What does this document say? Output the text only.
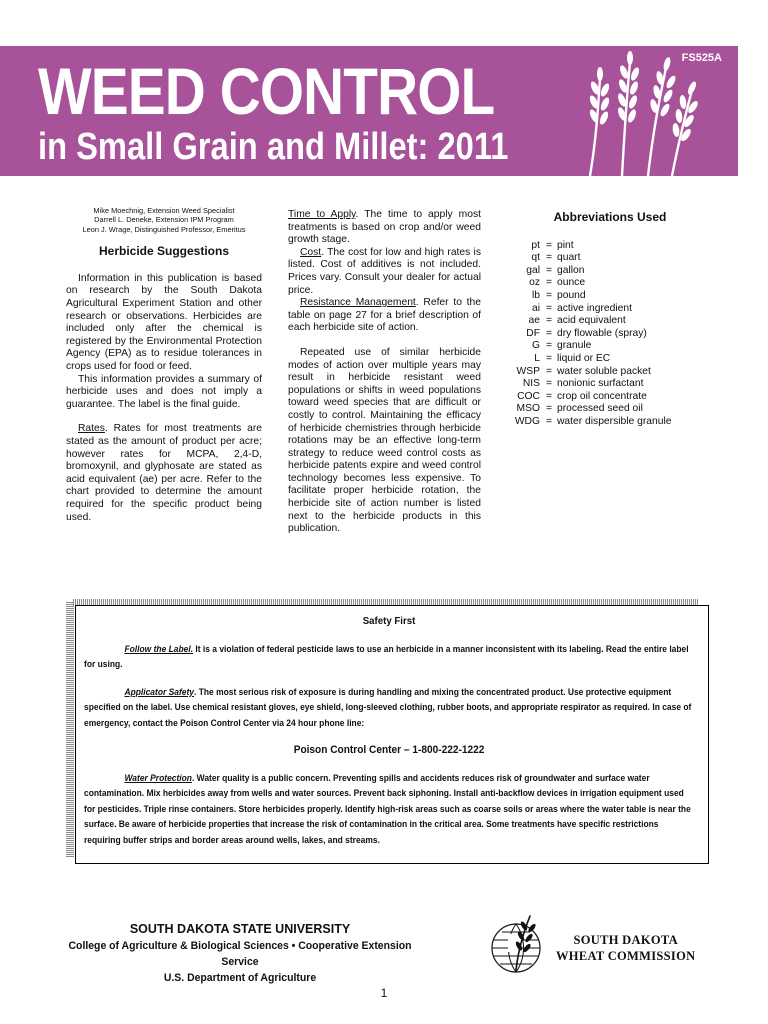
WEED CONTROL
in Small Grain and Millet: 2011
FS525A
Mike Moechnig, Extension Weed Specialist
Darrell L. Deneke, Extension IPM Program
Leon J. Wrage, Distinguished Professor, Emeritus
Herbicide Suggestions

Information in this publication is based on research by the South Dakota Agricultural Experiment Station and other research or observations. Herbicides are included only after the chemical is registered by the Environmental Protection Agency (EPA) as to residue tolerances in crops used for food or feed.

This information provides a summary of herbicide uses and does not imply a guarantee. The label is the final guide.

Rates. Rates for most treatments are stated as the amount of product per acre; however rates for MCPA, 2,4-D, bromoxynil, and glyphosate are stated as acid equivalent (ae) per acre. Refer to the chart provided to determine the amount required for the specific product being used.

Time to Apply. The time to apply most treatments is based on crop and/or weed growth stage.

Cost. The cost for low and high rates is listed. Cost of additives is not included. Prices vary. Consult your dealer for actual price.

Resistance Management. Refer to the table on page 27 for a brief description of each herbicide site of action.

Repeated use of similar herbicide modes of action over multiple years may result in herbicide resistant weed populations or shifts in weed populations toward weed species that are difficult or costly to control. Maintaining the efficacy of herbicide chemistries through herbicide rotations may be an effective long-term strategy to reduce weed control costs as herbicide patents expire and weed control technology becomes less expensive. To facilitate proper herbicide rotation, the herbicide site of action number is listed next to the herbicide products in this publication.

Abbreviations Used
pt	=	pint
qt	=	quart
gal	=	gallon
oz	=	ounce
lb	=	pound
ai	=	active ingredient
ae	=	acid equivalent
DF	=	dry flowable (spray)
G	=	granule
L	=	liquid or EC
WSP	=	water soluble packet
NIS	=	nonionic surfactant
COC	=	crop oil concentrate
MSO	=	processed seed oil
WDG	=	water dispersible granule
Safety First

Follow the Label. It is a violation of federal pesticide laws to use an herbicide in a manner inconsistent with its labeling. Read the entire label for using.

Applicator Safety. The most serious risk of exposure is during handling and mixing the concentrated product. Use protective equipment specified on the label. Use chemical resistant gloves, eye shield, long-sleeved clothing, rubber boots, and appropriate respirator as required. In case of emergency, contact the Poison Control Center via 24 hour phone line:

Poison Control Center – 1-800-222-1222

Water Protection. Water quality is a public concern. Preventing spills and accidents reduces risk of groundwater and surface water contamination. Mix herbicides away from wells and water sources. Prevent back siphoning. Install anti-backflow devices in irrigation equipment used for pesticides. Triple rinse containers. Store herbicides properly. Identify high-risk areas such as coarse soils or areas where the water table is near the surface. Be aware of herbicide properties that increase the risk of contamination in the critical area. Some treatments have specific restrictions requiring buffer strips and border areas around wells, lakes, and streams.

SOUTH DAKOTA STATE UNIVERSITY
College of Agriculture & Biological Sciences • Cooperative Extension Service
U.S. Department of Agriculture
SOUTH DAKOTA
WHEAT COMMISSION
1
